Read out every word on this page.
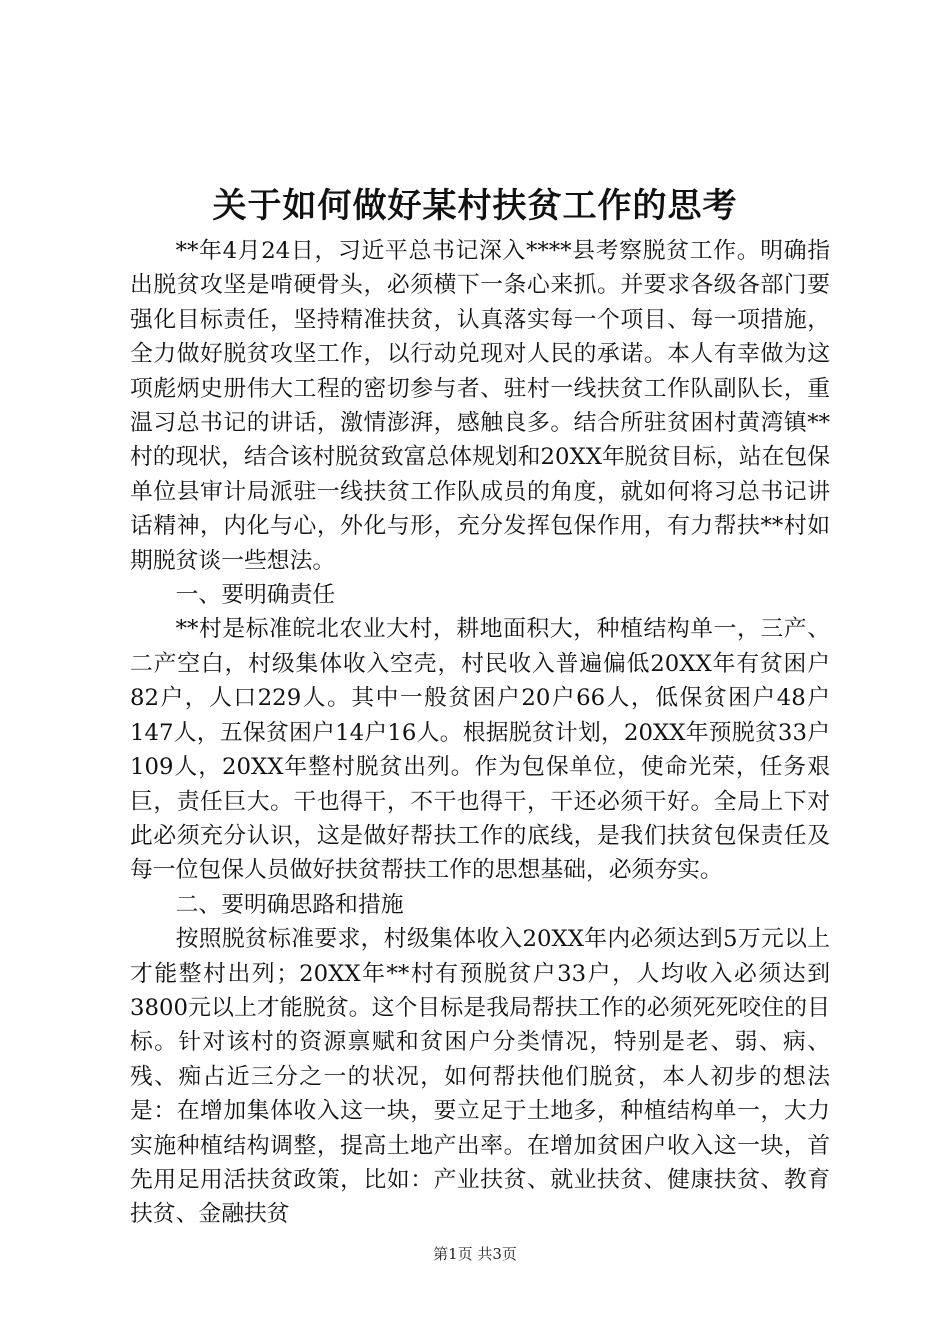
关于如何做好某村扶贫工作的思考

**年4月24日，习近平总书记深入****县考察脱贫工作。明确指出脱贫攻坚是啃硬骨头，必须横下一条心来抓。并要求各级各部门要强化目标责任，坚持精准扶贫，认真落实每一个项目、每一项措施，全力做好脱贫攻坚工作，以行动兑现对人民的承诺。本人有幸做为这项彪炳史册伟大工程的密切参与者、驻村一线扶贫工作队副队长，重温习总书记的讲话，激情澎湃，感触良多。结合所驻贫困村黄湾镇**村的现状，结合该村脱贫致富总体规划和20XX年脱贫目标，站在包保单位县审计局派驻一线扶贫工作队成员的角度，就如何将习总书记讲话精神，内化与心，外化与形，充分发挥包保作用，有力帮扶**村如期脱贫谈一些想法。

一、要明确责任

**村是标准皖北农业大村，耕地面积大，种植结构单一，三产、二产空白，村级集体收入空壳，村民收入普遍偏低20XX年有贫困户82户，人口229人。其中一般贫困户20户66人，低保贫困户48户147人，五保贫困户14户16人。根据脱贫计划，20XX年预脱贫33户109人，20XX年整村脱贫出列。作为包保单位，使命光荣，任务艰巨，责任巨大。干也得干，不干也得干，干还必须干好。全局上下对此必须充分认识，这是做好帮扶工作的底线，是我们扶贫包保责任及每一位包保人员做好扶贫帮扶工作的思想基础，必须夯实。

二、要明确思路和措施

按照脱贫标准要求，村级集体收入20XX年内必须达到5万元以上才能整村出列；20XX年**村有预脱贫户33户，人均收入必须达到3800元以上才能脱贫。这个目标是我局帮扶工作的必须死死咬住的目标。针对该村的资源禀赋和贫困户分类情况，特别是老、弱、病、残、痴占近三分之一的状况，如何帮扶他们脱贫，本人初步的想法是：在增加集体收入这一块，要立足于土地多，种植结构单一，大力实施种植结构调整，提高土地产出率。在增加贫困户收入这一块，首先用足用活扶贫政策，比如：产业扶贫、就业扶贫、健康扶贫、教育扶贫、金融扶贫

第1页 共3页
